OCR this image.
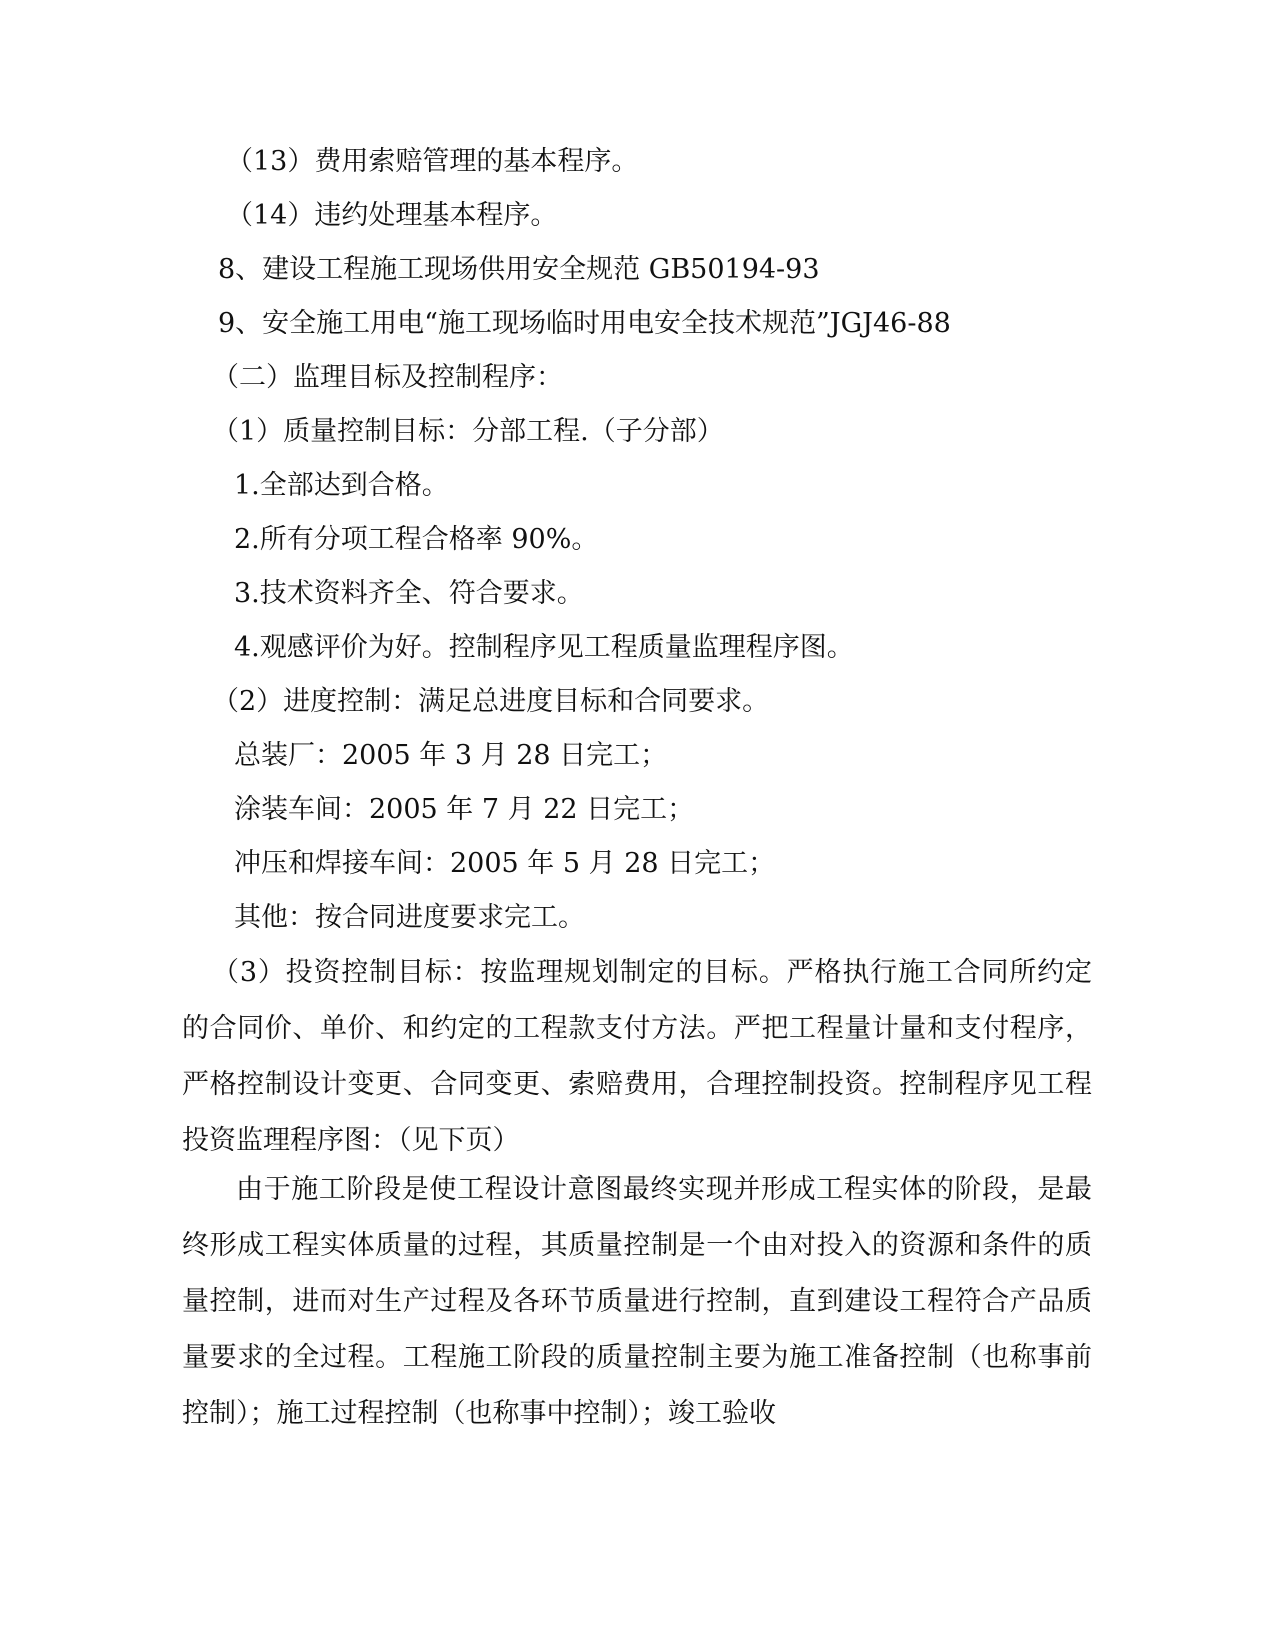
（13）费用索赔管理的基本程序。
（14）违约处理基本程序。
8、建设工程施工现场供用安全规范 GB50194-93
9、安全施工用电“施工现场临时用电安全技术规范”JGJ46-88
（二）监理目标及控制程序：
（1）质量控制目标：分部工程.（子分部）
1.全部达到合格。
2.所有分项工程合格率 90%。
3.技术资料齐全、符合要求。
4.观感评价为好。控制程序见工程质量监理程序图。
（2）进度控制：满足总进度目标和合同要求。
总装厂：2005 年 3 月 28 日完工；
涂装车间：2005 年 7 月 22 日完工；
冲压和焊接车间：2005 年 5 月 28 日完工；
其他：按合同进度要求完工。
（3）投资控制目标：按监理规划制定的目标。严格执行施工合同所约定的合同价、单价、和约定的工程款支付方法。严把工程量计量和支付程序，严格控制设计变更、合同变更、索赔费用，合理控制投资。控制程序见工程投资监理程序图：（见下页）
由于施工阶段是使工程设计意图最终实现并形成工程实体的阶段，是最终形成工程实体质量的过程，其质量控制是一个由对投入的资源和条件的质量控制，进而对生产过程及各环节质量进行控制，直到建设工程符合产品质量要求的全过程。工程施工阶段的质量控制主要为施工准备控制（也称事前控制）；施工过程控制（也称事中控制）；竣工验收
